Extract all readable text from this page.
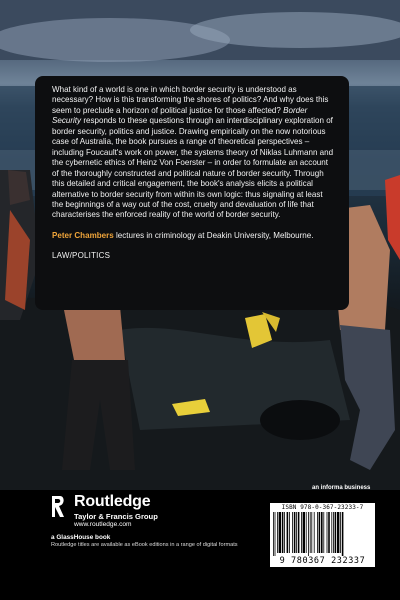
What kind of a world is one in which border security is understood as necessary? How is this transforming the shores of politics? And why does this seem to preclude a horizon of political justice for those affected? Border Security responds to these questions through an interdisciplinary exploration of border security, politics and justice. Drawing empirically on the now notorious case of Australia, the book pursues a range of theoretical perspectives – including Foucault's work on power, the systems theory of Niklas Luhmann and the cybernetic ethics of Heinz Von Foerster – in order to formulate an account of the thoroughly constructed and political nature of border security. Through this detailed and critical engagement, the book's analysis elicits a political alternative to border security from within its own logic: thus signaling at least the beginnings of a way out of the cost, cruelty and devaluation of life that characterises the enforced reality of the world of border security.

Peter Chambers lectures in criminology at Deakin University, Melbourne.

LAW/POLITICS

Routledge
Taylor & Francis Group
www.routledge.com
a GlassHouse book
Routledge titles are available as eBook editions in a range of digital formats
an informa business
ISBN 978-0-367-23233-7
9 780367 232337
